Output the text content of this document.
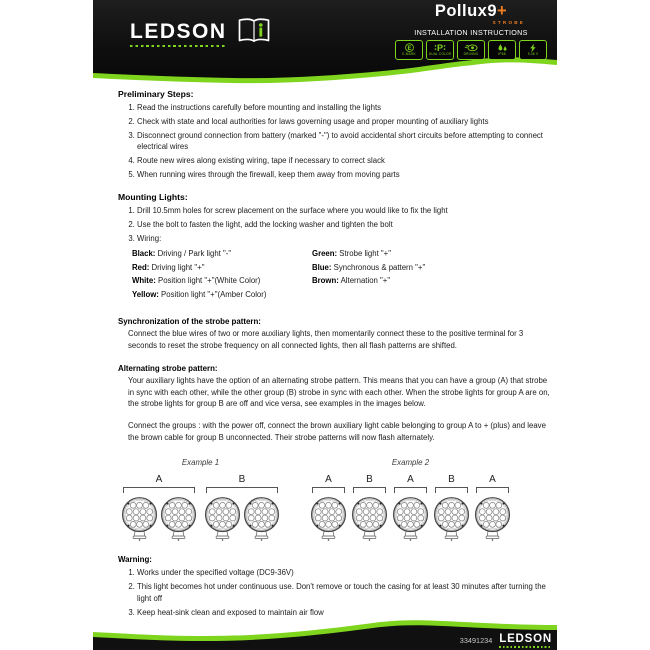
LEDSON
Pollux9+
STROBE
INSTALLATION INSTRUCTIONS
E
E-MARK
P
DUAL COLOR	DRIVING	IP68	9-36 V
Preliminary Steps:
1. Read the instructions carefully before mounting and installing the lights
2. Check with state and local authorities for laws governing usage and proper mounting of auxiliary lights
3. Disconnect ground connection from battery (marked "-") to avoid accidental short circuits before attempting to connect electrical wires
4. Route new wires along existing wiring, tape if necessary to correct slack
5. When running wires through the firewall, keep them away from moving parts
Mounting Lights:
1. Drill 10.5mm holes for screw placement on the surface where you would like to fix the light
2. Use the bolt to fasten the light, add the locking washer and tighten the bolt
3. Wiring:
Black: Driving / Park light "-"
Red: Driving light "+"
White: Position light "+"(White Color)
Yellow: Position light "+"(Amber Color)
Green: Strobe light "+"
Blue: Synchronous & pattern "+"
Brown: Alternation "+"
Synchronization of the strobe pattern:
Connect the blue wires of two or more auxiliary lights, then momentarily connect these to the positive terminal for 3 seconds to reset the strobe frequency on all connected lights, then all flash patterns are shifted.
Alternating strobe pattern:
Your auxiliary lights have the option of an alternating strobe pattern. This means that you can have a group (A) that strobe in sync with each other, while the other group (B) strobe in sync with each other. When the strobe lights for group A are on, the strobe lights for group B are off and vice versa, see examples in the images below.
Connect the groups : with the power off, connect the brown auxiliary light cable belonging to group A to + (plus) and leave the brown cable for group B unconnected. Their strobe patterns will now flash alternately.
Example 1
A	B
Example 2
A	B	A	B	A
Warning:
1. Works under the specified voltage (DC9-36V)
2. This light becomes hot under continuous use. Don't remove or touch the casing for at least 30 minutes after turning the light off
3. Keep heat-sink clean and exposed to maintain air flow
33491234 LEDSON
